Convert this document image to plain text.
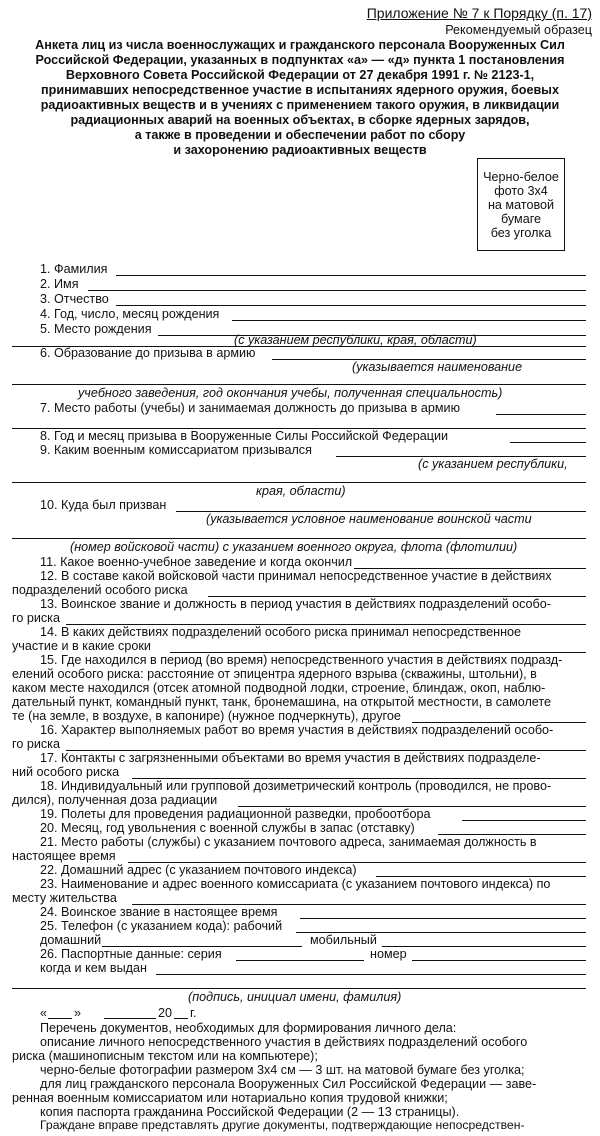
Приложение № 7 к Порядку (п. 17)
Рекомендуемый образец
Анкета лиц из числа военнослужащих и гражданского персонала Вооруженных Сил
Российской Федерации, указанных в подпунктах «а» — «д» пункта 1 постановления
Верховного Совета Российской Федерации от 27 декабря 1991 г. № 2123-1,
принимавших непосредственное участие в испытаниях ядерного оружия, боевых
радиоактивных веществ и в учениях с применением такого оружия, в ликвидации
радиационных аварий на военных объектах, в сборке ядерных зарядов,
а также в проведении и обеспечении работ по сбору
и захоронению радиоактивных веществ
Черно-белое
фото 3х4
на матовой
бумаге
без уголка
1. Фамилия
2. Имя
3. Отчество
4. Год, число, месяц рождения
5. Место рождения
(с указанием республики, края, области)
6. Образование до призыва в армию
(указывается наименование
учебного заведения, год окончания учебы, полученная специальность)
7. Место работы (учебы) и занимаемая должность до призыва в армию
8. Год и месяц призыва в Вооруженные Силы Российской Федерации
9. Каким военным комиссариатом призывался
(с указанием республики,
края, области)
10. Куда был призван
(указывается условное наименование воинской части
(номер войсковой части) с указанием военного округа, флота (флотилии)
11. Какое военно-учебное заведение и когда окончил
12. В составе какой войсковой части принимал непосредственное участие в действиях
подразделений особого риска
13. Воинское звание и должность в период участия в действиях подразделений особо-
го риска
14. В каких действиях подразделений особого риска принимал непосредственное
участие и в какие сроки
15. Где находился в период (во время) непосредственного участия в действиях подразд-
елений особого риска: расстояние от эпицентра ядерного взрыва (скважины, штольни), в
каком месте находился (отсек атомной подводной лодки, строение, блиндаж, окоп, наблю-
дательный пункт, командный пункт, танк, бронемашина, на открытой местности, в самолете
те (на земле, в воздухе, в капонире) (нужное подчеркнуть), другое
16. Характер выполняемых работ во время участия в действиях подразделений особо-
го риска
17. Контакты с загрязненными объектами во время участия в действиях подразделе-
ний особого риска
18. Индивидуальный или групповой дозиметрический контроль (проводился, не прово-
дился), полученная доза радиации
19. Полеты для проведения радиационной разведки, пробоотбора
20. Месяц, год увольнения с военной службы в запас (отставку)
21. Место работы (службы) с указанием почтового адреса, занимаемая должность в
настоящее время
22. Домашний адрес (с указанием почтового индекса)
23. Наименование и адрес военного комиссариата (с указанием почтового индекса) по
месту жительства
24. Воинское звание в настоящее время
25. Телефон (с указанием кода): рабочий
домашний	мобильный
26. Паспортные данные: серия	номер
когда и кем выдан
(подпись, инициал имени, фамилия)
« »	20 г.
Перечень документов, необходимых для формирования личного дела:
описание личного непосредственного участия в действиях подразделений особого
риска (машинописным текстом или на компьютере);
черно-белые фотографии размером 3х4 см — 3 шт. на матовой бумаге без уголка;
для лиц гражданского персонала Вооруженных Сил Российской Федерации — заве-
ренная военным комиссариатом или нотариально копия трудовой книжки;
копия паспорта гражданина Российской Федерации (2 — 13 страницы).
Граждане вправе представлять другие документы, подтверждающие непосредствен-
